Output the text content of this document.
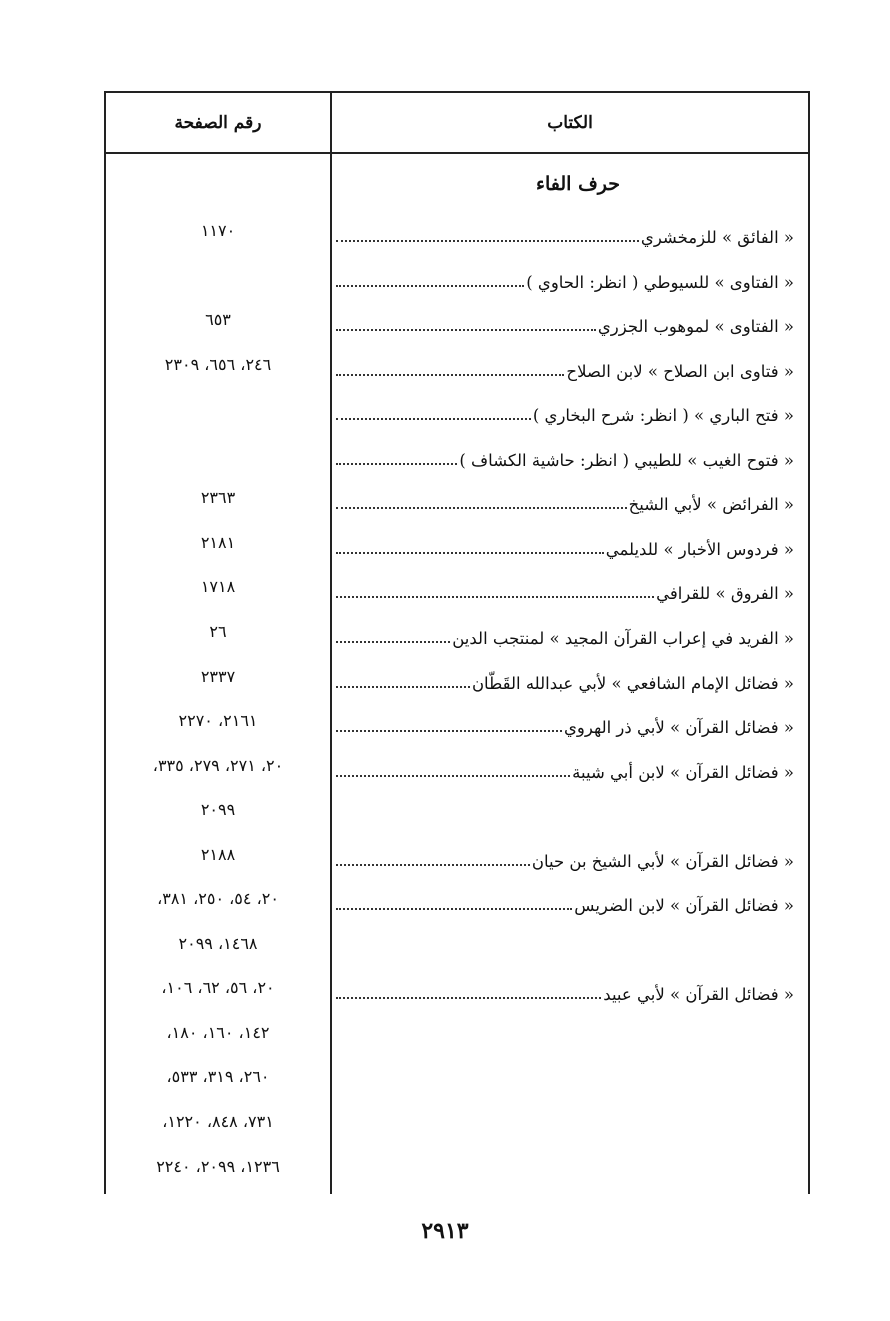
الكتاب
رقم الصفحة
حرف الفاء
« الفائق » للزمخشري
١١٧٠
« الفتاوى » للسيوطي ( انظر: الحاوي )
« الفتاوى » لموهوب الجزري
٦٥٣
« فتاوى ابن الصلاح » لابن الصلاح
٢٤٦، ٦٥٦، ٢٣٠٩
« فتح الباري » ( انظر: شرح البخاري )
« فتوح الغيب » للطيبي ( انظر: حاشية الكشاف )
« الفرائض » لأبي الشيخ
٢٣٦٣
« فردوس الأخبار » للديلمي
٢١٨١
« الفروق » للقرافي
١٧١٨
« الفريد في إعراب القرآن المجيد » لمنتجب الدين
٢٦
« فضائل الإمام الشافعي » لأبي عبدالله القَطّان
٢٣٣٧
« فضائل القرآن » لأبي ذر الهروي
٢١٦١، ٢٢٧٠
« فضائل القرآن » لابن أبي شيبة
٢٠، ٢٧١، ٢٧٩، ٣٣٥،
٢٠٩٩
« فضائل القرآن » لأبي الشيخ بن حيان
٢١٨٨
« فضائل القرآن » لابن الضريس
٢٠، ٥٤، ٢٥٠، ٣٨١،
١٤٦٨، ٢٠٩٩
« فضائل القرآن » لأبي عبيد
٢٠، ٥٦، ٦٢، ١٠٦،
١٤٢، ١٦٠، ١٨٠،
٢٦٠، ٣١٩، ٥٣٣،
٧٣١، ٨٤٨، ١٢٢٠،
١٢٣٦، ٢٠٩٩، ٢٢٤٠
٢٩١٣
